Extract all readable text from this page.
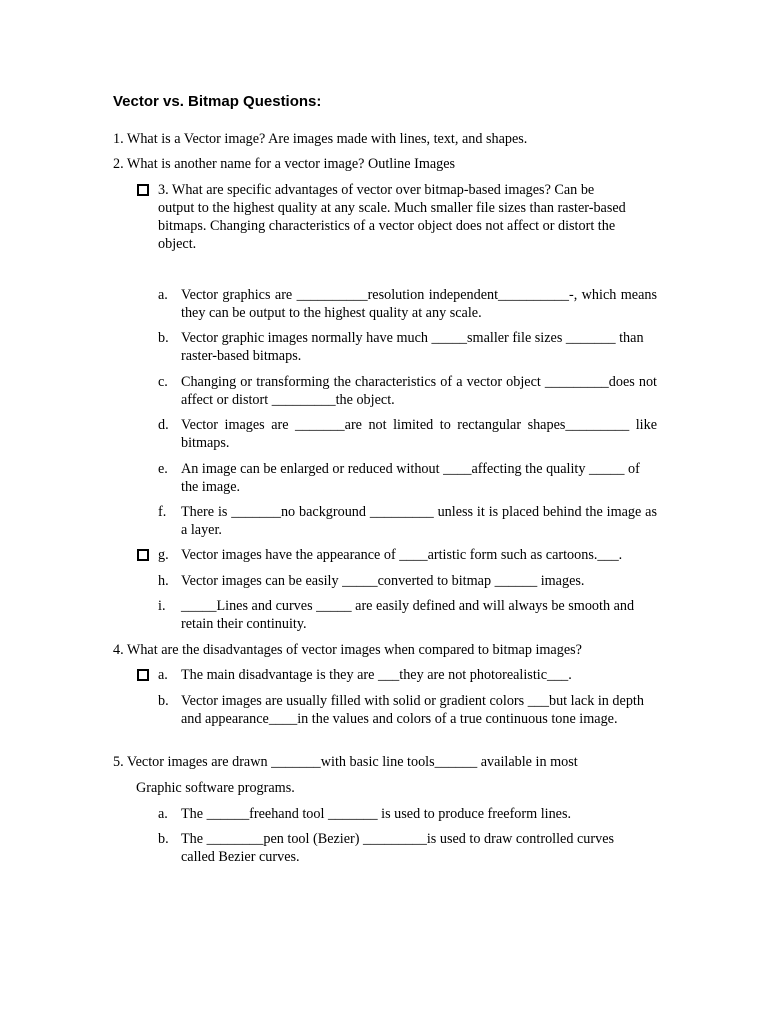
Vector vs. Bitmap Questions:
1. What is a Vector image? Are images made with lines, text, and shapes.
2. What is another name for a vector image? Outline Images
3. What are specific advantages of vector over bitmap-based images? Can be output to the highest quality at any scale. Much smaller file sizes than raster-based bitmaps. Changing characteristics of a vector object does not affect or distort the object.
a. Vector graphics are __________resolution independent__________-, which means they can be output to the highest quality at any scale.
b. Vector graphic images normally have much _____smaller file sizes _______ than raster-based bitmaps.
c. Changing or transforming the characteristics of a vector object _________does not affect or distort _________the object.
d. Vector images are _______are not limited to rectangular shapes_________ like bitmaps.
e. An image can be enlarged or reduced without ____affecting the quality _____ of the image.
f. There is _______no background _________ unless it is placed behind the image as a layer.
g. Vector images have the appearance of ____artistic form such as cartoons.___.
h. Vector images can be easily _____converted to bitmap ______ images.
i. _____Lines and curves _____ are easily defined and will always be smooth and retain their continuity.
4. What are the disadvantages of vector images when compared to bitmap images?
a. The main disadvantage is they are ___they are not photorealistic___.
b. Vector images are usually filled with solid or gradient colors ___but lack in depth and appearance____in the values and colors of a true continuous tone image.
5. Vector images are drawn _______with basic line tools______ available in most
Graphic software programs.
a. The ______freehand tool _______ is used to produce freeform lines.
b. The ________pen tool (Bezier) _________is used to draw controlled curves called Bezier curves.
